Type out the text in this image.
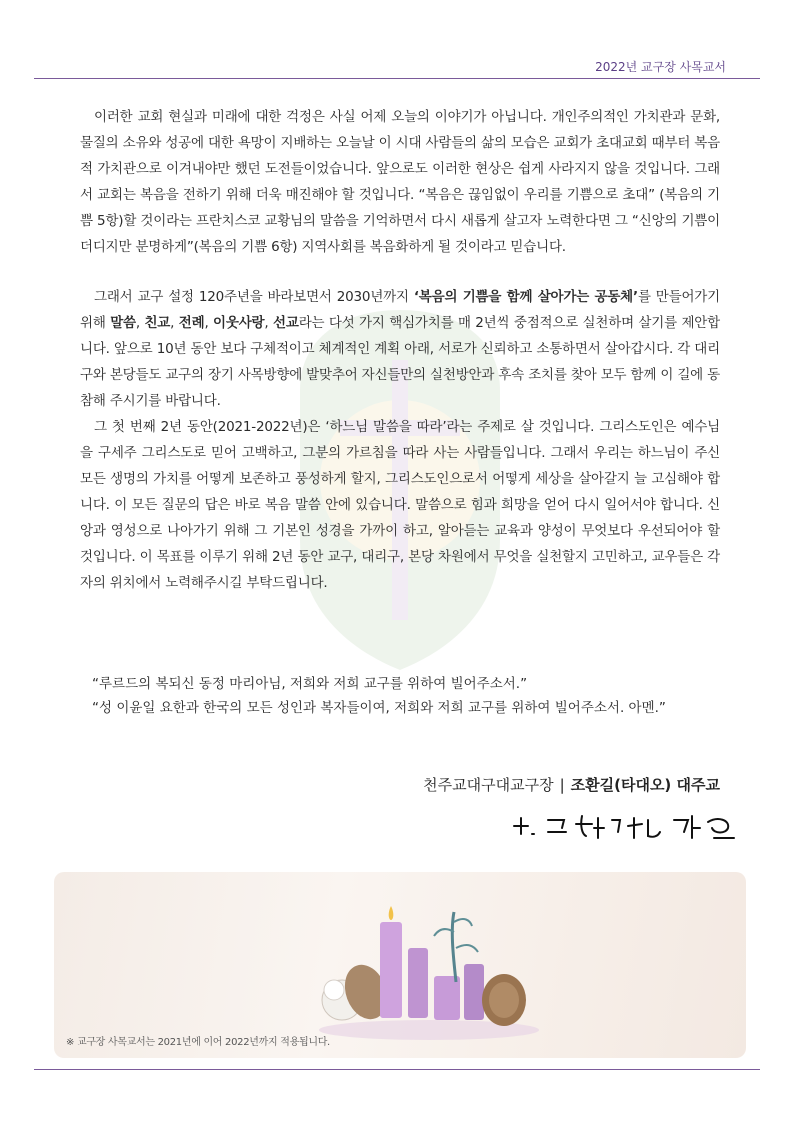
2022년 교구장 사목교서

이러한 교회 현실과 미래에 대한 걱정은 사실 어제 오늘의 이야기가 아닙니다. 개인주의적인 가치관과 문화, 물질의 소유와 성공에 대한 욕망이 지배하는 오늘날 이 시대 사람들의 삶의 모습은 교회가 초대교회 때부터 복음적 가치관으로 이겨내야만 했던 도전들이었습니다. 앞으로도 이러한 현상은 쉽게 사라지지 않을 것입니다. 그래서 교회는 복음을 전하기 위해 더욱 매진해야 할 것입니다. “복음은 끊임없이 우리를 기쁨으로 초대” (복음의 기쁨 5항)할 것이라는 프란치스코 교황님의 말씀을 기억하면서 다시 새롭게 살고자 노력한다면 그 “신앙의 기쁨이 더디지만 분명하게”(복음의 기쁨 6항) 지역사회를 복음화하게 될 것이라고 믿습니다.

그래서 교구 설정 120주년을 바라보면서 2030년까지 ‘복음의 기쁨을 함께 살아가는 공동체’를 만들어가기 위해 말씀, 친교, 전례, 이웃사랑, 선교라는 다섯 가지 핵심가치를 매 2년씩 중점적으로 실천하며 살기를 제안합니다. 앞으로 10년 동안 보다 구체적이고 체계적인 계획 아래, 서로가 신뢰하고 소통하면서 살아갑시다. 각 대리구와 본당들도 교구의 장기 사목방향에 발맞추어 자신들만의 실천방안과 후속 조치를 찾아 모두 함께 이 길에 동참해 주시기를 바랍니다.

그 첫 번째 2년 동안(2021-2022년)은 ‘하느님 말씀을 따라’라는 주제로 살 것입니다. 그리스도인은 예수님을 구세주 그리스도로 믿어 고백하고, 그분의 가르침을 따라 사는 사람들입니다. 그래서 우리는 하느님이 주신 모든 생명의 가치를 어떻게 보존하고 풍성하게 할지, 그리스도인으로서 어떻게 세상을 살아갈지 늘 고심해야 합니다. 이 모든 질문의 답은 바로 복음 말씀 안에 있습니다. 말씀으로 힘과 희망을 얻어 다시 일어서야 합니다. 신앙과 영성으로 나아가기 위해 그 기본인 성경을 가까이 하고, 알아듣는 교육과 양성이 무엇보다 우선되어야 할 것입니다. 이 목표를 이루기 위해 2년 동안 교구, 대리구, 본당 차원에서 무엇을 실천할지 고민하고, 교우들은 각자의 위치에서 노력해주시길 부탁드립니다.

“루르드의 복되신 동정 마리아님, 저희와 저희 교구를 위하여 빌어주소서.”

“성 이윤일 요한과 한국의 모든 성인과 복자들이여, 저희와 저희 교구를 위하여 빌어주소서. 아멘.”

천주교대구대교구장 | 조환길(타대오) 대주교
※ 교구장 사목교서는 2021년에 이어 2022년까지 적용됩니다.
